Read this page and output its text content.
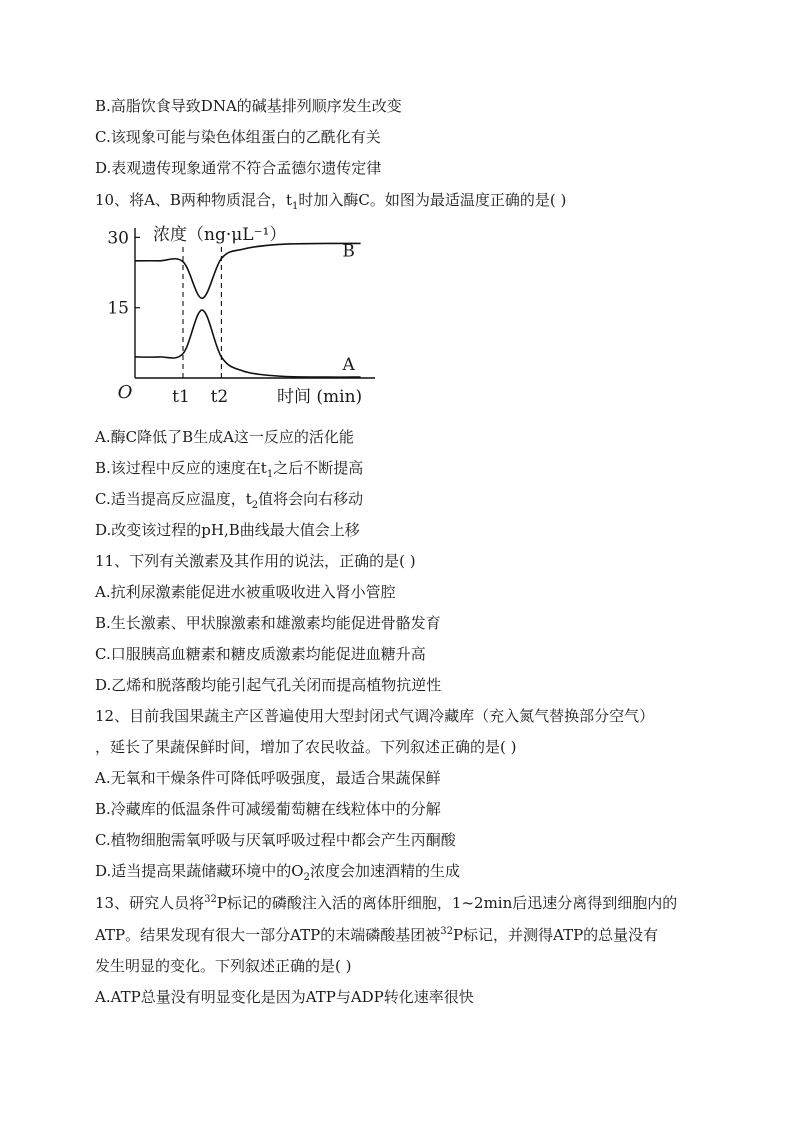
B.高脂饮食导致DNA的碱基排列顺序发生改变
C.该现象可能与染色体组蛋白的乙酰化有关
D.表观遗传现象通常不符合孟德尔遗传定律
10、将A、B两种物质混合，$t_1$时加入酶C。如图为最适温度正确的是( )
30
15
t1 t2
O
浓度（ng·μL⁻¹）
时间 (min)
B
A
A.酶C降低了B生成A这一反应的活化能
B.该过程中反应的速度在$t_1$之后不断提高
C.适当提高反应温度，$t_2$值将会向右移动
D.改变该过程的pH,B曲线最大值会上移
11、下列有关激素及其作用的说法，正确的是( )
A.抗利尿激素能促进水被重吸收进入肾小管腔
B.生长激素、甲状腺激素和雄激素均能促进骨骼发育
C.口服胰高血糖素和糖皮质激素均能促进血糖升高
D.乙烯和脱落酸均能引起气孔关闭而提高植物抗逆性
12、目前我国果蔬主产区普遍使用大型封闭式气调冷藏库（充入氮气替换部分空气）
，延长了果蔬保鲜时间，增加了农民收益。下列叙述正确的是( )
A.无氧和干燥条件可降低呼吸强度，最适合果蔬保鲜
B.冷藏库的低温条件可减缓葡萄糖在线粒体中的分解
C.植物细胞需氧呼吸与厌氧呼吸过程中都会产生丙酮酸
D.适当提高果蔬储藏环境中的$O_2$浓度会加速酒精的生成
13、研究人员将$^{32}$P标记的磷酸注入活的离体肝细胞，1~2min后迅速分离得到细胞内的
ATP。结果发现有很大一部分ATP的末端磷酸基团被$^{32}$P标记，并测得ATP的总量没有
发生明显的变化。下列叙述正确的是( )
A.ATP总量没有明显变化是因为ATP与ADP转化速率很快
